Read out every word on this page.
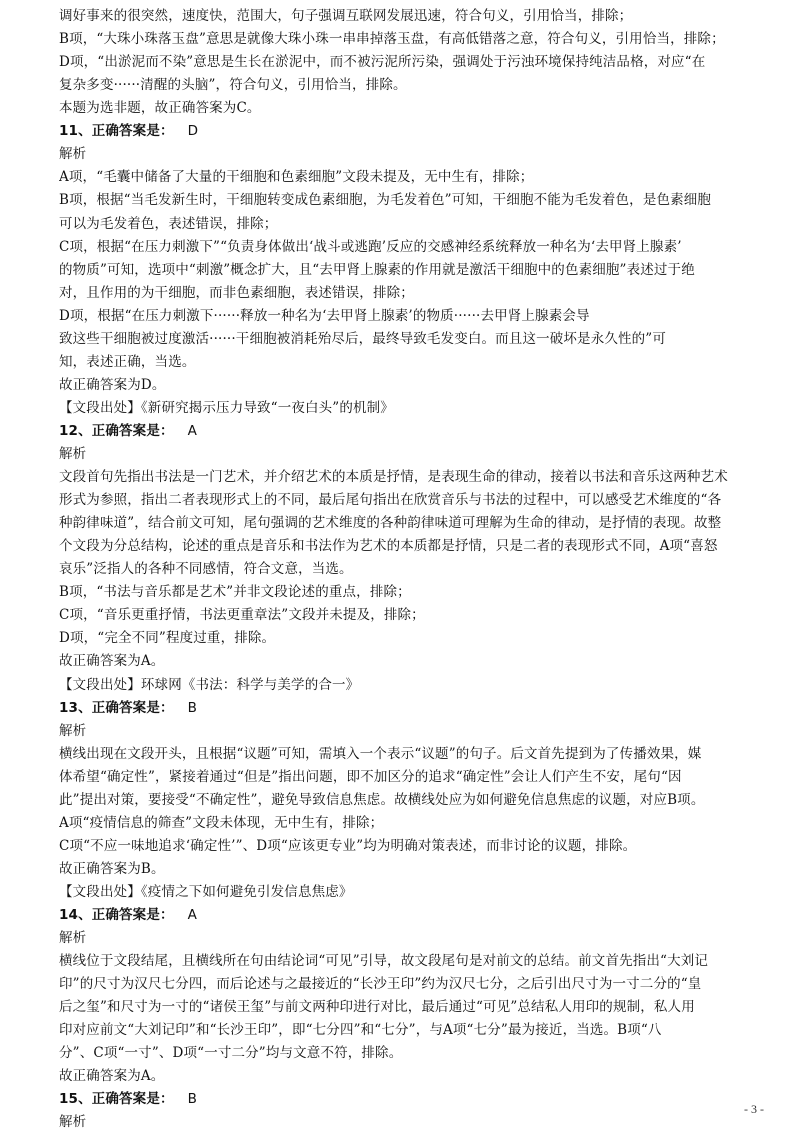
调好事来的很突然，速度快，范围大，句子强调互联网发展迅速，符合句义，引用恰当，排除；
B项，“大珠小珠落玉盘”意思是就像大珠小珠一串串掉落玉盘，有高低错落之意，符合句义，引用恰当，排除；
D项，“出淤泥而不染”意思是生长在淤泥中，而不被污泥所污染，强调处于污浊环境保持纯洁品格，对应“在
复杂多变······清醒的头脑”，符合句义，引用恰当，排除。
本题为选非题，故正确答案为C。
11、正确答案是： D
解析
A项，“毛囊中储备了大量的干细胞和色素细胞”文段未提及，无中生有，排除；
B项，根据“当毛发新生时，干细胞转变成色素细胞，为毛发着色”可知，干细胞不能为毛发着色，是色素细胞
可以为毛发着色，表述错误，排除；
C项，根据“在压力刺激下”“负责身体做出‘战斗或逃跑’反应的交感神经系统释放一种名为‘去甲肾上腺素’
的物质”可知，选项中“刺激”概念扩大，且“去甲肾上腺素的作用就是激活干细胞中的色素细胞”表述过于绝
对，且作用的为干细胞，而非色素细胞，表述错误，排除；
D项，根据“在压力刺激下······释放一种名为‘去甲肾上腺素’的物质······去甲肾上腺素会导
致这些干细胞被过度激活······干细胞被消耗殆尽后，最终导致毛发变白。而且这一破坏是永久性的”可
知，表述正确，当选。
故正确答案为D。
【文段出处】《新研究揭示压力导致“一夜白头”的机制》
12、正确答案是： A
解析
文段首句先指出书法是一门艺术，并介绍艺术的本质是抒情，是表现生命的律动，接着以书法和音乐这两种艺术
形式为参照，指出二者表现形式上的不同，最后尾句指出在欣赏音乐与书法的过程中，可以感受艺术维度的“各
种韵律味道”，结合前文可知，尾句强调的艺术维度的各种韵律味道可理解为生命的律动，是抒情的表现。故整
个文段为分总结构，论述的重点是音乐和书法作为艺术的本质都是抒情，只是二者的表现形式不同，A项“喜怒
哀乐”泛指人的各种不同感情，符合文意，当选。
B项，“书法与音乐都是艺术”并非文段论述的重点，排除；
C项，“音乐更重抒情，书法更重章法”文段并未提及，排除；
D项，“完全不同”程度过重，排除。
故正确答案为A。
【文段出处】环球网《书法：科学与美学的合一》
13、正确答案是： B
解析
横线出现在文段开头，且根据“议题”可知，需填入一个表示“议题”的句子。后文首先提到为了传播效果，媒
体希望“确定性”，紧接着通过“但是”指出问题，即不加区分的追求“确定性”会让人们产生不安，尾句“因
此”提出对策，要接受“不确定性”，避免导致信息焦虑。故横线处应为如何避免信息焦虑的议题，对应B项。
A项“疫情信息的筛查”文段未体现，无中生有，排除；
C项“不应一味地追求‘确定性’”、D项“应该更专业”均为明确对策表述，而非讨论的议题，排除。
故正确答案为B。
【文段出处】《疫情之下如何避免引发信息焦虑》
14、正确答案是： A
解析
横线位于文段结尾，且横线所在句由结论词“可见”引导，故文段尾句是对前文的总结。前文首先指出“大刘记
印”的尺寸为汉尺七分四，而后论述与之最接近的“长沙王印”约为汉尺七分，之后引出尺寸为一寸二分的“皇
后之玺”和尺寸为一寸的“诸侯王玺”与前文两种印进行对比，最后通过“可见”总结私人用印的规制，私人用
印对应前文“大刘记印”和“长沙王印”，即“七分四”和“七分”，与A项“七分”最为接近，当选。B项“八
分”、C项“一寸”、D项“一寸二分”均与文意不符，排除。
故正确答案为A。
15、正确答案是： B
解析
- 3 -
